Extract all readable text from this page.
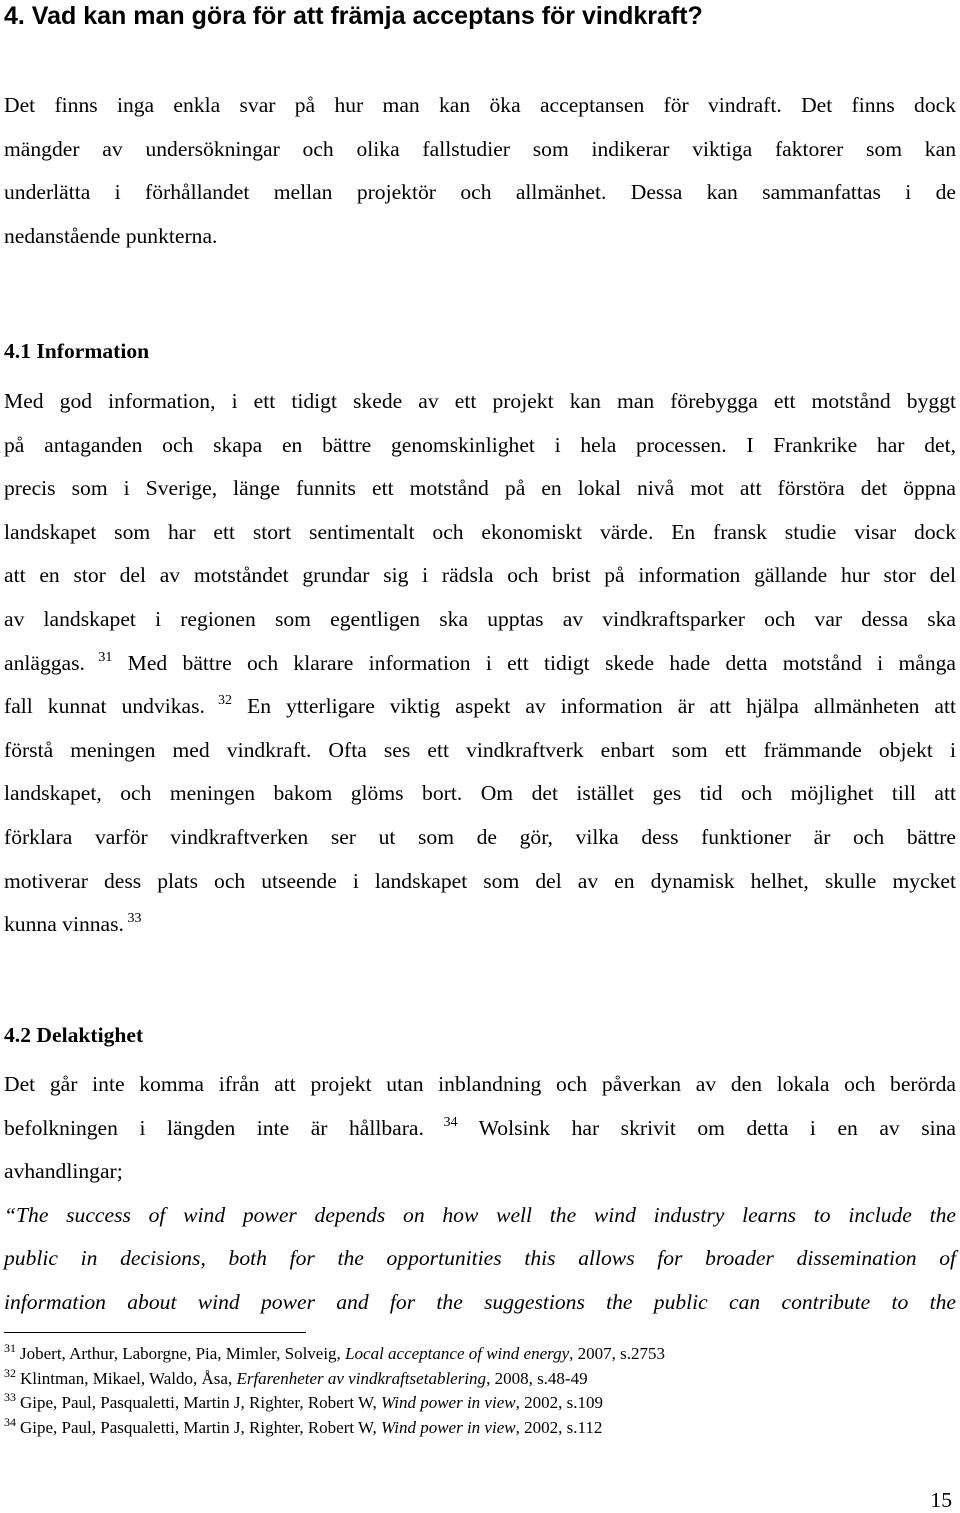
4. Vad kan man göra för att främja acceptans för vindkraft?
Det finns inga enkla svar på hur man kan öka acceptansen för vindraft. Det finns dock
mängder av undersökningar och olika fallstudier som indikerar viktiga faktorer som kan
underlätta i förhållandet mellan projektör och allmänhet. Dessa kan sammanfattas i de
nedanstående punkterna.
4.1 Information
Med god information, i ett tidigt skede av ett projekt kan man förebygga ett motstånd byggt
på antaganden och skapa en bättre genomskinlighet i hela processen. I Frankrike har det,
precis som i Sverige, länge funnits ett motstånd på en lokal nivå mot att förstöra det öppna
landskapet som har ett stort sentimentalt och ekonomiskt värde. En fransk studie visar dock
att en stor del av motståndet grundar sig i rädsla och brist på information gällande hur stor del
av landskapet i regionen som egentligen ska upptas av vindkraftsparker och var dessa ska
anläggas. $^{31}$ Med bättre och klarare information i ett tidigt skede hade detta motstånd i många
fall kunnat undvikas. $^{32}$ En ytterligare viktig aspekt av information är att hjälpa allmänheten att
förstå meningen med vindkraft. Ofta ses ett vindkraftverk enbart som ett främmande objekt i
landskapet, och meningen bakom glöms bort. Om det istället ges tid och möjlighet till att
förklara varför vindkraftverken ser ut som de gör, vilka dess funktioner är och bättre
motiverar dess plats och utseende i landskapet som del av en dynamisk helhet, skulle mycket
kunna vinnas. $^{33}$
4.2 Delaktighet
Det går inte komma ifrån att projekt utan inblandning och påverkan av den lokala och berörda
befolkningen i längden inte är hållbara. $^{34}$ Wolsink har skrivit om detta i en av sina
avhandlingar;
“The success of wind power depends on how well the wind industry learns to include the
public in decisions, both for the opportunities this allows for broader dissemination of
information about wind power and for the suggestions the public can contribute to the
$^{31}$ Jobert, Arthur, Laborgne, Pia, Mimler, Solveig, Local acceptance of wind energy, 2007, s.2753
$^{32}$ Klintman, Mikael, Waldo, Åsa, Erfarenheter av vindkraftsetablering, 2008, s.48-49
$^{33}$ Gipe, Paul, Pasqualetti, Martin J, Righter, Robert W, Wind power in view, 2002, s.109
$^{34}$ Gipe, Paul, Pasqualetti, Martin J, Righter, Robert W, Wind power in view, 2002, s.112
15
